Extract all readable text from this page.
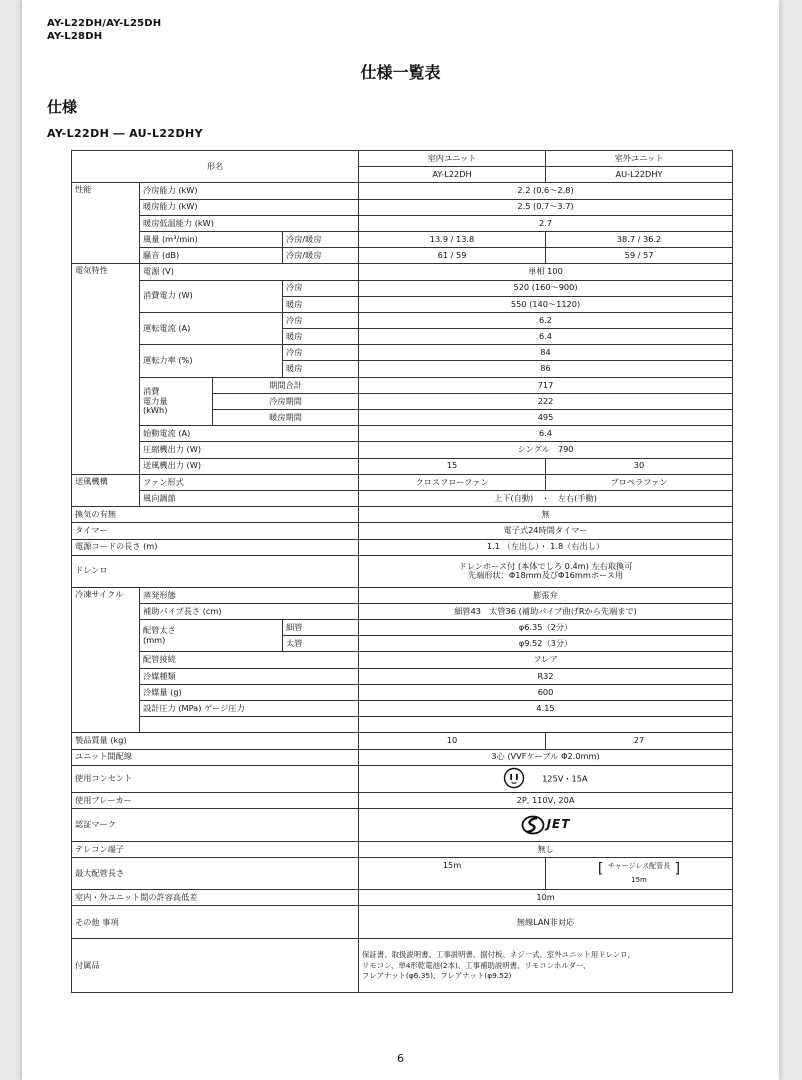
AY-L22DH/AY-L25DH
AY-L28DH
仕様一覧表
仕様
AY-L22DH ― AU-L22DHY
形名				室内ユニット	室外ユニット
				AY-L22DH	AU-L22DHY
性能	冷房能力 (kW)			2.2 (0.6～2.8)	
	暖房能力 (kW)			2.5 (0.7～3.7)	
	暖房低温能力 (kW)			2.7	
	風量 (m³/min)		冷房/暖房	13.9 / 13.8	38.7 / 36.2
	騒音 (dB)		冷房/暖房	61 / 59	59 / 57
電気特性	電源 (V)			単相 100	
	消費電力 (W)		冷房	520 (160～900)	
			暖房	550 (140～1120)	
	運転電流 (A)		冷房	6.2	
			暖房	6.4	
	運転力率 (%)		冷房	84	
			暖房	86	

	消費
電力量
(kWh)	期間合計		717	
		冷房期間		222	
		暖房期間		495	
	始動電流 (A)			6.4	
	圧縮機出力 (W)			シングル　790	
	送風機出力 (W)			15	30
送風機構	ファン形式			クロスフローファン	プロペラファン
	風向調節			上下(自動)　・　左右(手動)	
換気の有無				無	
タイマー				電子式24時間タイマー	
電源コードの長さ (m)				1.1 （左出し）・ 1.8（右出し）	
ドレンロ				ドレンホース付 (本体でしろ 0.4m) 左右取換可
先端形状：Φ18mm及びΦ16mmホース用	

冷凍サイクル	蒸発形態			膨張弁	
	補助パイプ長さ (cm)			細管43　太管36 (補助パイプ曲げRから先端まで)	

	配管太さ
(mm)		細管	φ6.35（2分）	
			太管	φ9.52（3分）	
	配管接続			フレア	
	冷媒種類			R32	
	冷媒量 (g)			600	
	設計圧力 (MPa) ゲージ圧力			4.15	

製品質量 (kg)				10	27
ユニット間配線				3心 (VVFケーブル Φ2.0mm)	
使用コンセント				125V・15A	
使用ブレーカー				2P, 110V, 20A	
認証マーク				JET	

テレコン端子				無し	
最大配管長さ				15m	[ チャージレス配管長
15m
]

室内・外ユニット間の許容高低差				10m	
その他 事項				無線LAN非対応	
付属品				保証書、取扱説明書、工事説明書、据付板、ネジ一式、室外ユニット用ドレンロ、
リモコン、単4形乾電池(2本)、工事補助説明書、リモコンホルダー、
フレアナット(φ6.35)、フレアナット(φ9.52)	
6
